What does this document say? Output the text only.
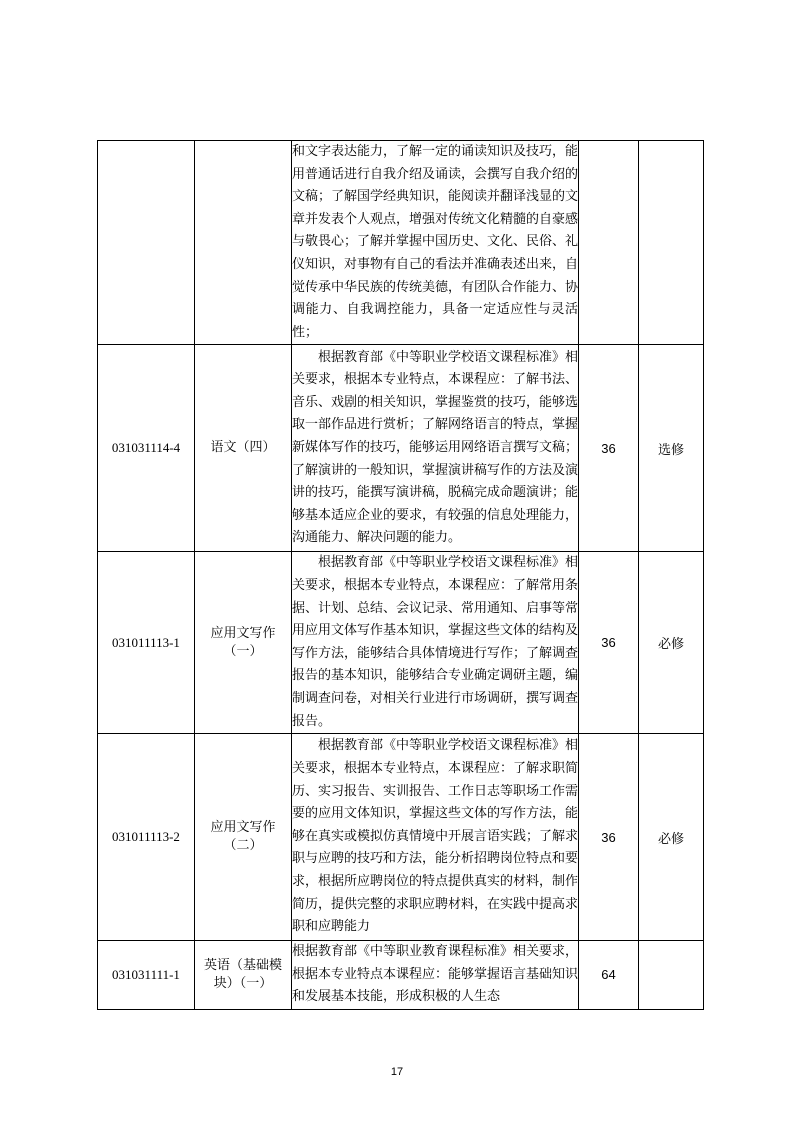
		和文字表达能力，了解一定的诵读知识及技巧，能用普通话进行自我介绍及诵读，会撰写自我介绍的文稿；了解国学经典知识，能阅读并翻译浅显的文章并发表个人观点，增强对传统文化精髓的自豪感与敬畏心；了解并掌握中国历史、文化、民俗、礼仪知识，对事物有自己的看法并准确表述出来，自觉传承中华民族的传统美德，有团队合作能力、协调能力、自我调控能力，具备一定适应性与灵活性；		

031031114-4	语文（四）	根据教育部《中等职业学校语文课程标准》相关要求，根据本专业特点，本课程应：了解书法、音乐、戏剧的相关知识，掌握鉴赏的技巧，能够选取一部作品进行赏析；了解网络语言的特点，掌握新媒体写作的技巧，能够运用网络语言撰写文稿；了解演讲的一般知识，掌握演讲稿写作的方法及演讲的技巧，能撰写演讲稿，脱稿完成命题演讲；能够基本适应企业的要求，有较强的信息处理能力，沟通能力、解决问题的能力。	36	选修
031011113-1	应用文写作（一）	根据教育部《中等职业学校语文课程标准》相关要求，根据本专业特点，本课程应：了解常用条据、计划、总结、会议记录、常用通知、启事等常用应用文体写作基本知识，掌握这些文体的结构及写作方法，能够结合具体情境进行写作；了解调查报告的基本知识，能够结合专业确定调研主题，编制调查问卷，对相关行业进行市场调研，撰写调查报告。	36	必修
031011113-2	应用文写作（二）	根据教育部《中等职业学校语文课程标准》相关要求，根据本专业特点，本课程应：了解求职简历、实习报告、实训报告、工作日志等职场工作需要的应用文体知识，掌握这些文体的写作方法，能够在真实或模拟仿真情境中开展言语实践；了解求职与应聘的技巧和方法，能分析招聘岗位特点和要求，根据所应聘岗位的特点提供真实的材料，制作简历，提供完整的求职应聘材料，在实践中提高求职和应聘能力	36	必修
031031111-1	英语（基础模块）（一）	根据教育部《中等职业教育课程标准》相关要求，根据本专业特点本课程应：能够掌握语言基础知识和发展基本技能，形成积极的人生态	64	
17
